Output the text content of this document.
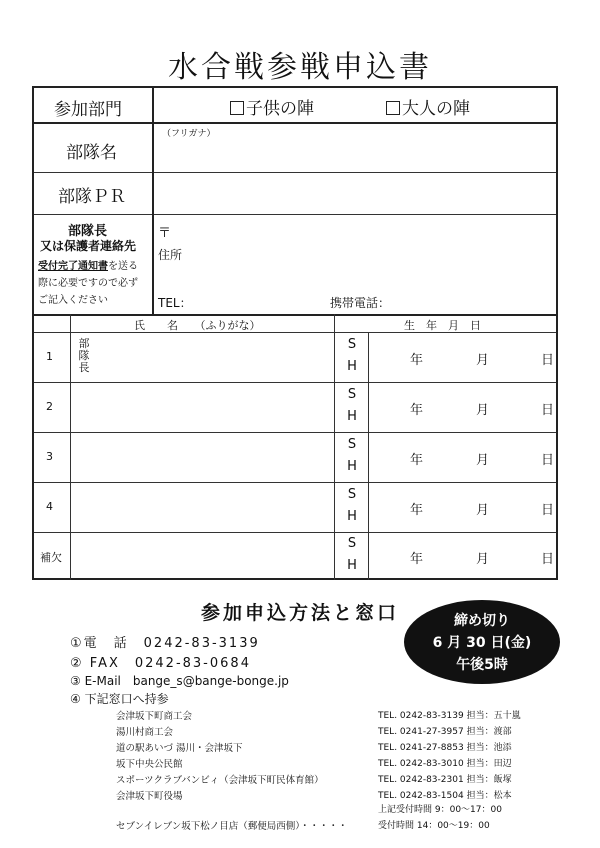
水合戦参戦申込書
参加部門	子供の陣	大人の陣
部隊名
（フリガナ）
部隊ＰＲ
部隊長
又は保護者連絡先
受付完了通知書を送る
際に必要ですので必ず
ご記入ください
〒
住所
TEL：	携帯電話：
氏　　名　　（ふりがな）	生　年　月　日
1
部
隊
長
S
H	年	月	日
2
S
H	年	月	日
3
S
H	年	月	日
4
S
H	年	月	日
補欠
S
H	年	月	日
参加申込方法と窓口	締め切り
6 月 30 日(金)
午後5時
①電　話　0242-83-3139
② FAX　0242-83-0684
③ E-Mail　bange_s@bange-bonge.jp
④ 下記窓口へ持参
会津坂下町商工会	TEL. 0242-83-3139 担当：五十嵐
湯川村商工会	TEL. 0241-27-3957 担当：渡部
道の駅あいづ 湯川・会津坂下	TEL. 0241-27-8853 担当：池添
坂下中央公民館	TEL. 0242-83-3010 担当：田辺
スポーツクラブバンビィ（会津坂下町民体育館）	TEL. 0242-83-2301 担当：飯塚
会津坂下町役場	TEL. 0242-83-1504 担当：松本
上記受付時間 9：00～17：00
セブンイレブン坂下松ノ目店（郵便局西側）・・・・・	受付時間 14：00～19：00
